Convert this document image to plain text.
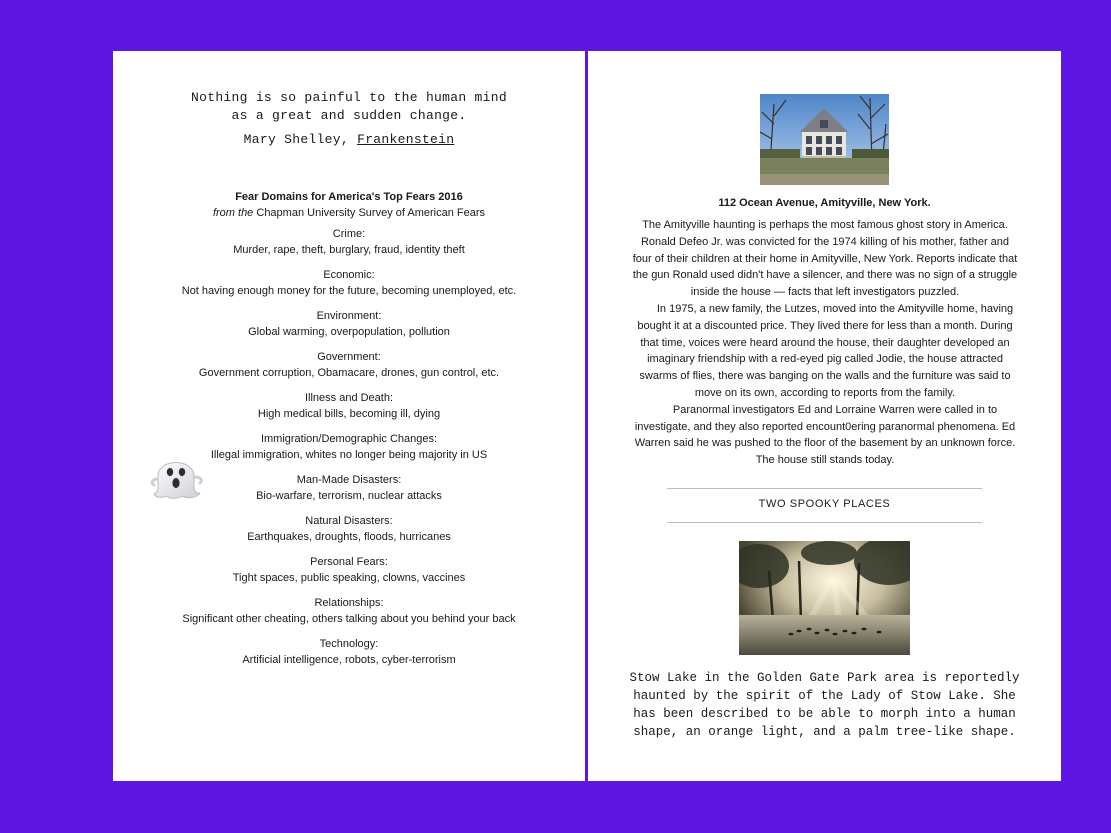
Nothing is so painful to the human mind
as a great and sudden change.
Mary Shelley, Frankenstein
Fear Domains for America's Top Fears 2016
from the Chapman University Survey of American Fears
Crime:
Murder, rape, theft, burglary, fraud, identity theft
Economic:
Not having enough money for the future, becoming unemployed, etc.
Environment:
Global warming, overpopulation, pollution
Government:
Government corruption, Obamacare, drones, gun control, etc.
Illness and Death:
High medical bills, becoming ill, dying
Immigration/Demographic Changes:
Illegal immigration, whites no longer being majority in US
Man-Made Disasters:
Bio-warfare, terrorism, nuclear attacks
Natural Disasters:
Earthquakes, droughts, floods, hurricanes
Personal Fears:
Tight spaces, public speaking, clowns, vaccines
Relationships:
Significant other cheating, others talking about you behind your back
Technology:
Artificial intelligence, robots, cyber-terrorism
112 Ocean Avenue, Amityville, New York.

The Amityville haunting is perhaps the most famous ghost story in America. Ronald Defeo Jr. was convicted for the 1974 killing of his mother, father and four of their children at their home in Amityville, New York. Reports indicate that the gun Ronald used didn't have a silencer, and there was no sign of a struggle inside the house — facts that left investigators puzzled.

In 1975, a new family, the Lutzes, moved into the Amityville home, having bought it at a discounted price. They lived there for less than a month. During that time, voices were heard around the house, their daughter developed an imaginary friendship with a red-eyed pig called Jodie, the house attracted swarms of flies, there was banging on the walls and the furniture was said to move on its own, according to reports from the family.

Paranormal investigators Ed and Lorraine Warren were called in to investigate, and they also reported encount0ering paranormal phenomena. Ed Warren said he was pushed to the floor of the basement by an unknown force. The house still stands today.

TWO SPOOKY PLACES
Stow Lake in the Golden Gate Park area is reportedly haunted by the spirit of the Lady of Stow Lake. She has been described to be able to morph into a human shape, an orange light, and a palm tree-like shape.
